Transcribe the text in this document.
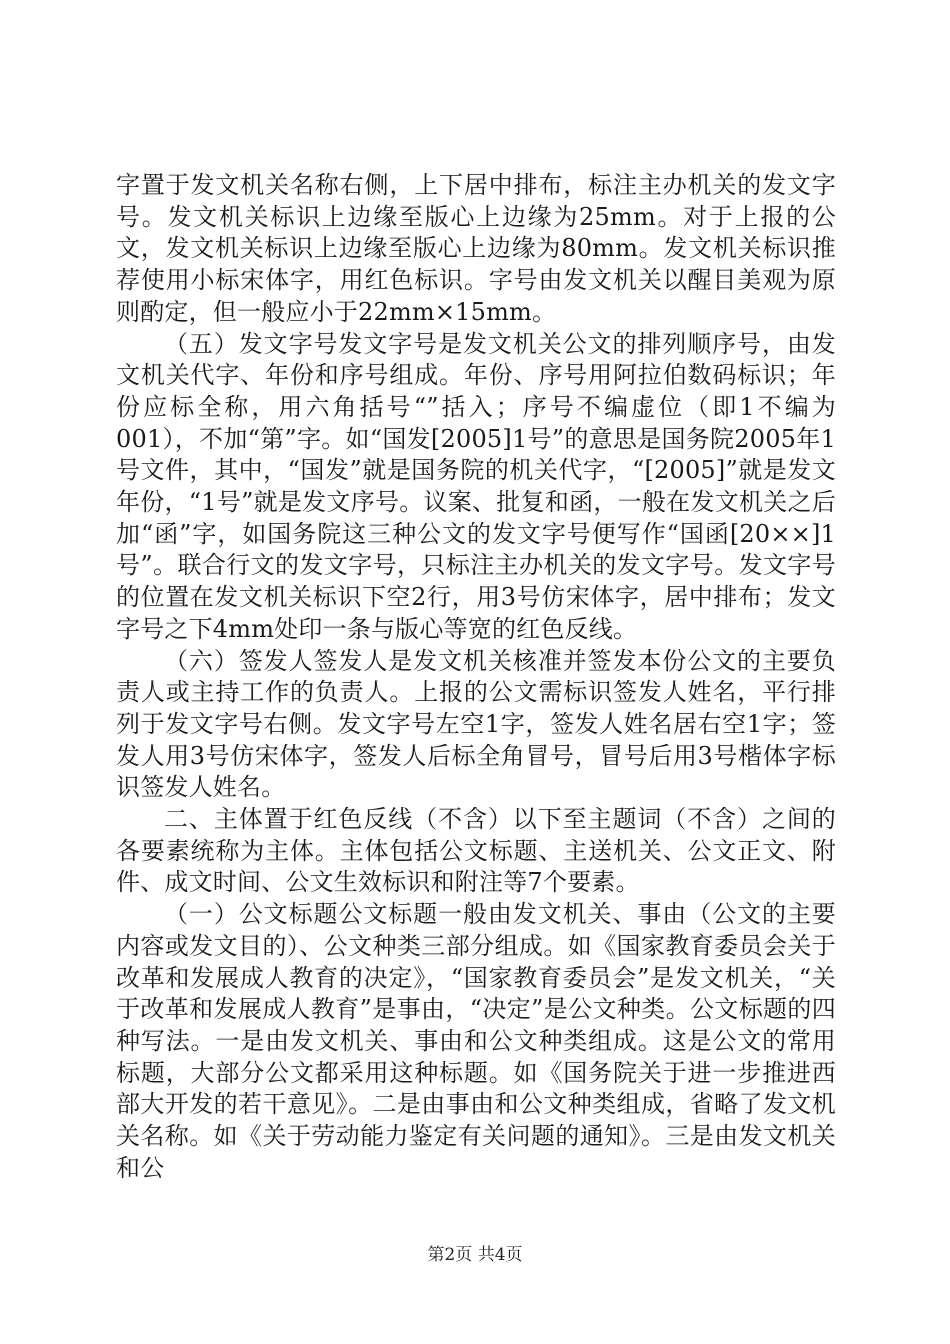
字置于发文机关名称右侧，上下居中排布，标注主办机关的发文字号。发文机关标识上边缘至版心上边缘为25mm。对于上报的公文，发文机关标识上边缘至版心上边缘为80mm。发文机关标识推荐使用小标宋体字，用红色标识。字号由发文机关以醒目美观为原则酌定，但一般应小于22mm×15mm。

（五）发文字号发文字号是发文机关公文的排列顺序号，由发文机关代字、年份和序号组成。年份、序号用阿拉伯数码标识；年份应标全称，用六角括号“”括入；序号不编虚位（即1不编为001），不加“第”字。如“国发[2005]1号”的意思是国务院2005年1号文件，其中，“国发”就是国务院的机关代字，“[2005]”就是发文年份，“1号”就是发文序号。议案、批复和函，一般在发文机关之后加“函”字，如国务院这三种公文的发文字号便写作“国函[20××]1号”。联合行文的发文字号，只标注主办机关的发文字号。发文字号的位置在发文机关标识下空2行，用3号仿宋体字，居中排布；发文字号之下4mm处印一条与版心等宽的红色反线。

（六）签发人签发人是发文机关核准并签发本份公文的主要负责人或主持工作的负责人。上报的公文需标识签发人姓名，平行排列于发文字号右侧。发文字号左空1字，签发人姓名居右空1字；签发人用3号仿宋体字，签发人后标全角冒号，冒号后用3号楷体字标识签发人姓名。

二、主体置于红色反线（不含）以下至主题词（不含）之间的各要素统称为主体。主体包括公文标题、主送机关、公文正文、附件、成文时间、公文生效标识和附注等7个要素。

（一）公文标题公文标题一般由发文机关、事由（公文的主要内容或发文目的）、公文种类三部分组成。如《国家教育委员会关于改革和发展成人教育的决定》，“国家教育委员会”是发文机关，“关于改革和发展成人教育”是事由，“决定”是公文种类。公文标题的四种写法。一是由发文机关、事由和公文种类组成。这是公文的常用标题，大部分公文都采用这种标题。如《国务院关于进一步推进西部大开发的若干意见》。二是由事由和公文种类组成，省略了发文机关名称。如《关于劳动能力鉴定有关问题的通知》。三是由发文机关和公

第2页 共4页
